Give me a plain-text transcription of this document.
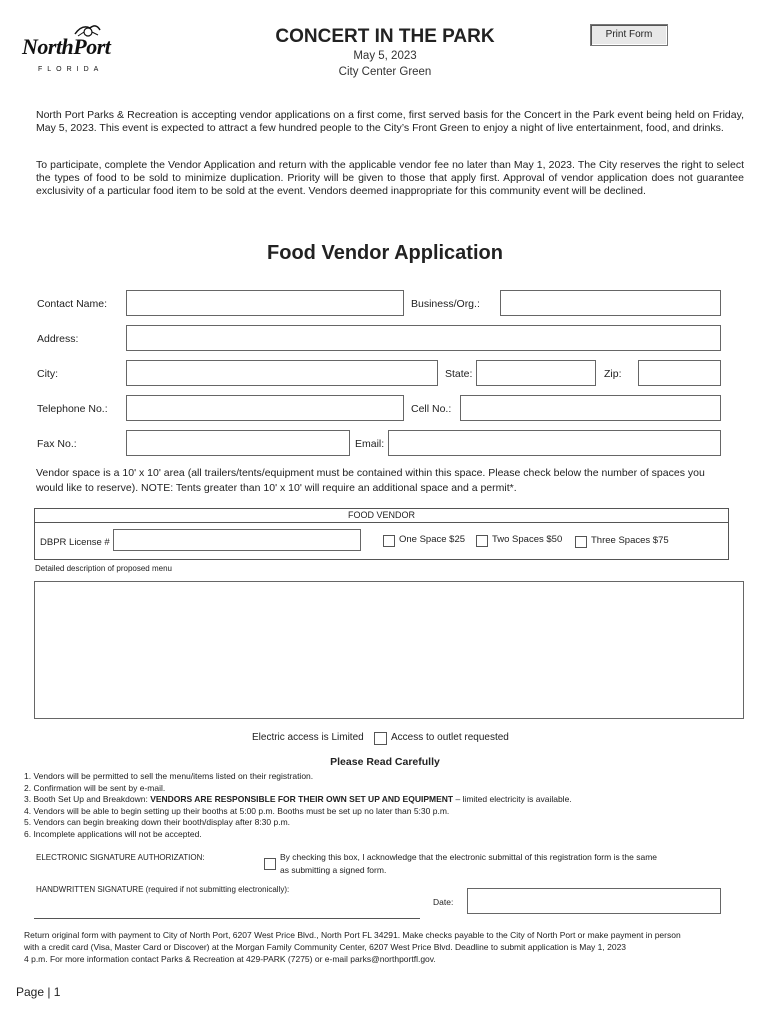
NorthPort
FLORIDA
CONCERT IN THE PARK
May 5, 2023
City Center Green
Print Form
North Port Parks & Recreation is accepting vendor applications on a first come, first served basis for the Concert in the Park event being held on Friday, May 5, 2023. This event is expected to attract a few hundred people to the City’s Front Green to enjoy a night of live entertainment, food, and drinks.
To participate, complete the Vendor Application and return with the applicable vendor fee no later than May 1, 2023. The City reserves the right to select the types of food to be sold to minimize duplication. Priority will be given to those that apply first. Approval of vendor application does not guarantee exclusivity of a particular food item to be sold at the event. Vendors deemed inappropriate for this community event will be declined.
Food Vendor Application
Contact Name:	Business/Org.:
Address:
City:	State:	Zip:
Telephone No.:	Cell No.:
Fax No.:	Email:
Vendor space is a 10' x 10' area (all trailers/tents/equipment must be contained within this space. Please check below the number of spaces you would like to reserve). NOTE: Tents greater than 10' x 10' will require an additional space and a permit*.
FOOD VENDOR
DBPR License #	One Space $25	Two Spaces $50	Three Spaces $75
Detailed description of proposed menu
Electric access is Limited	Access to outlet requested
Please Read Carefully
1. Vendors will be permitted to sell the menu/items listed on their registration.
2. Confirmation will be sent by e-mail.
3. Booth Set Up and Breakdown: VENDORS ARE RESPONSIBLE FOR THEIR OWN SET UP AND EQUIPMENT – limited electricity is available.
4. Vendors will be able to begin setting up their booths at 5:00 p.m. Booths must be set up no later than 5:30 p.m.
5. Vendors can begin breaking down their booth/display after 8:30 p.m.
6. Incomplete applications will not be accepted.
ELECTRONIC SIGNATURE AUTHORIZATION:	By checking this box, I acknowledge that the electronic submittal of this registration form is the same
as submitting a signed form.
HANDWRITTEN SIGNATURE (required if not submitting electronically):
Date:
Return original form with payment to City of North Port, 6207 West Price Blvd., North Port FL 34291. Make checks payable to the City of North Port or make payment in person
with a credit card (Visa, Master Card or Discover) at the Morgan Family Community Center, 6207 West Price Blvd. Deadline to submit application is May 1, 2023
4 p.m. For more information contact Parks & Recreation at 429-PARK (7275) or e-mail parks@northportfl.gov.
Page | 1
